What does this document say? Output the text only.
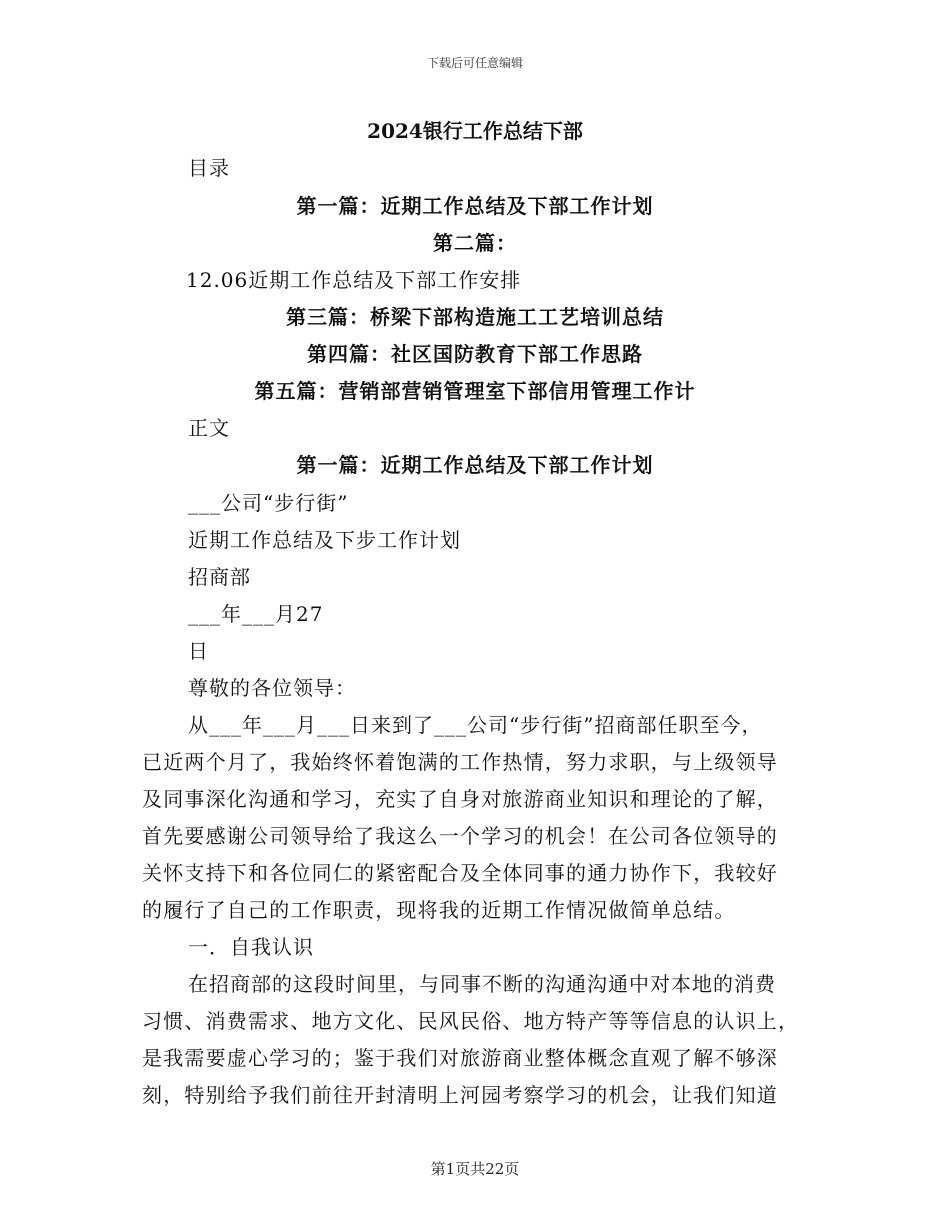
下载后可任意编辑
2024银行工作总结下部
目录
第一篇：近期工作总结及下部工作计划
第二篇：
12.06近期工作总结及下部工作安排
第三篇：桥梁下部构造施工工艺培训总结
第四篇：社区国防教育下部工作思路
第五篇：营销部营销管理室下部信用管理工作计
正文
第一篇：近期工作总结及下部工作计划
___公司“步行街”
近期工作总结及下步工作计划
招商部
___年___月27
日
尊敬的各位领导：
从___年___月___日来到了___公司“步行街”招商部任职至今，
已近两个月了，我始终怀着饱满的工作热情，努力求职，与上级领导
及同事深化沟通和学习，充实了自身对旅游商业知识和理论的了解，
首先要感谢公司领导给了我这么一个学习的机会！在公司各位领导的
关怀支持下和各位同仁的紧密配合及全体同事的通力协作下，我较好
的履行了自己的工作职责，现将我的近期工作情况做简单总结。
一．自我认识
在招商部的这段时间里，与同事不断的沟通沟通中对本地的消费
习惯、消费需求、地方文化、民风民俗、地方特产等等信息的认识上，
是我需要虚心学习的；鉴于我们对旅游商业整体概念直观了解不够深
刻，特别给予我们前往开封清明上河园考察学习的机会，让我们知道
第1页共22页
